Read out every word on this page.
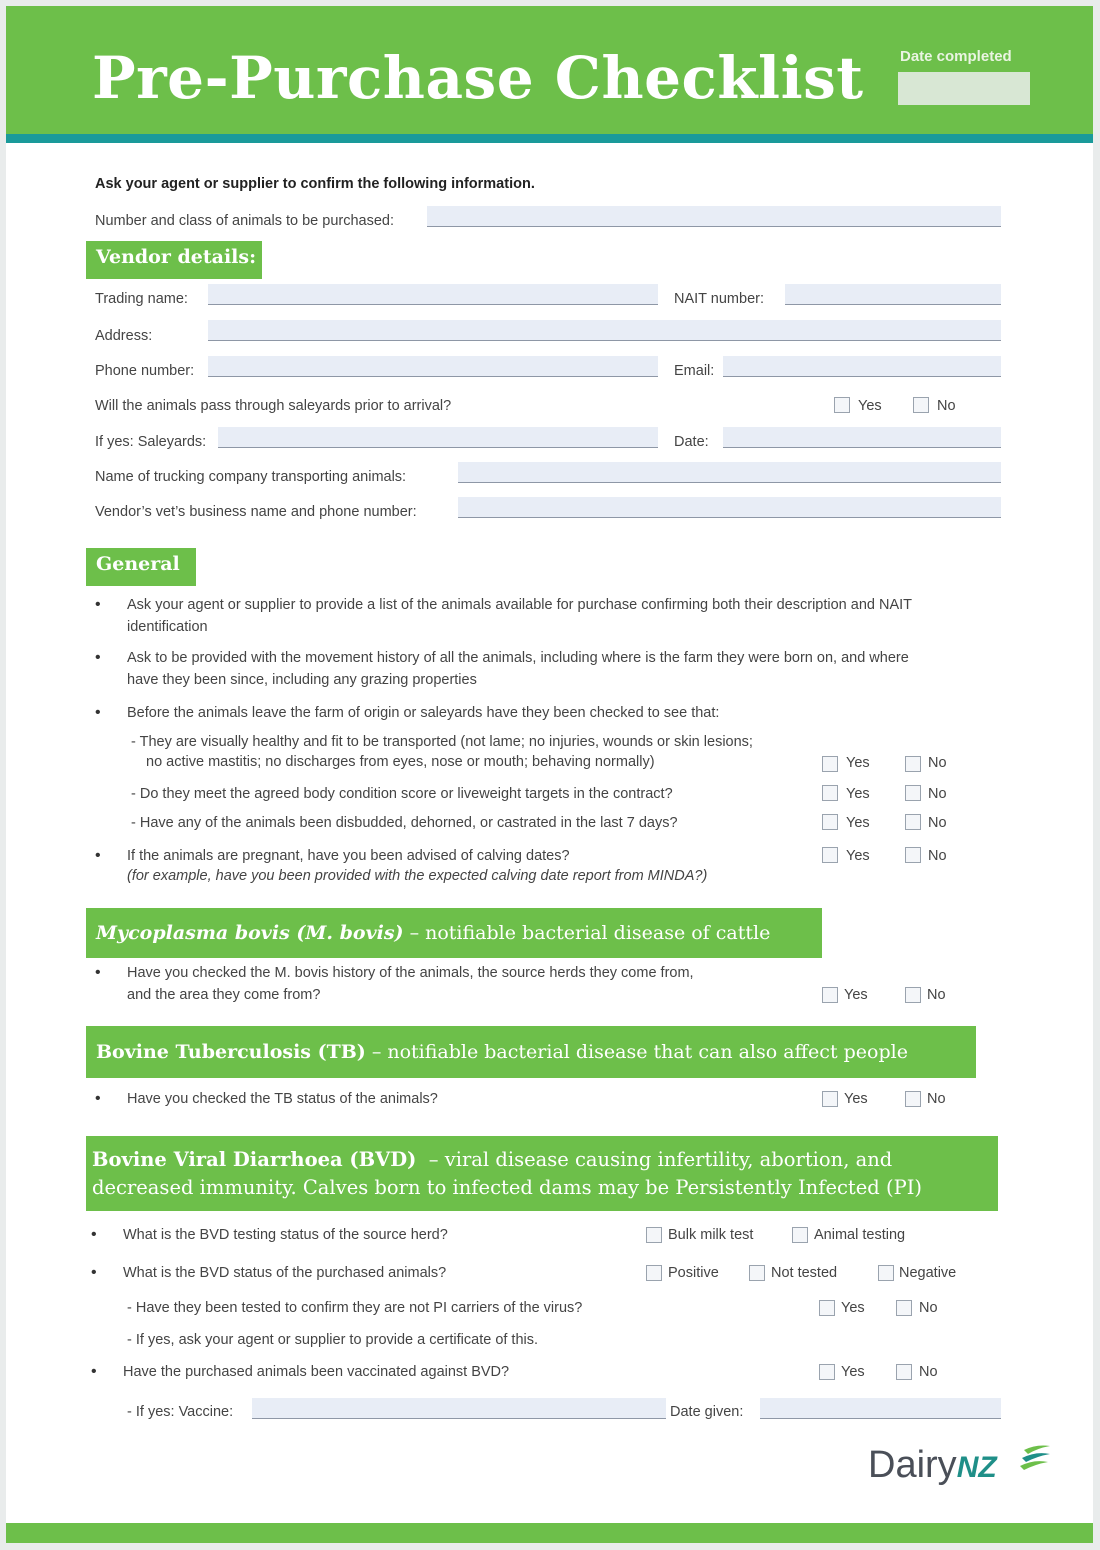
Pre-Purchase Checklist Date completed
Ask your agent or supplier to confirm the following information.
Number and class of animals to be purchased:
Vendor details:
Trading name:	NAIT number:
Address:
Phone number:	Email:
Will the animals pass through saleyards prior to arrival?	Yes	No
If yes: Saleyards:	Date:
Name of trucking company transporting animals:
Vendor’s vet’s business name and phone number:
General
• Ask your agent or supplier to provide a list of the animals available for purchase confirming both their description and NAIT
identification
• Ask to be provided with the movement history of all the animals, including where is the farm they were born on, and where
have they been since, including any grazing properties
• Before the animals leave the farm of origin or saleyards have they been checked to see that:
- They are visually healthy and fit to be transported (not lame; no injuries, wounds or skin lesions;
no active mastitis; no discharges from eyes, nose or mouth; behaving normally)	Yes	No
- Do they meet the agreed body condition score or liveweight targets in the contract?	Yes	No
- Have any of the animals been disbudded, dehorned, or castrated in the last 7 days?	Yes	No
• If the animals are pregnant, have you been advised of calving dates?
(for example, have you been provided with the expected calving date report from MINDA?)
Yes	No
Mycoplasma bovis (M. bovis) – notifiable bacterial disease of cattle
• Have you checked the M. bovis history of the animals, the source herds they come from,
and the area they come from?	Yes	No
Bovine Tuberculosis (TB) – notifiable bacterial disease that can also affect people
• Have you checked the TB status of the animals?	Yes	No
Bovine Viral Diarrhoea (BVD)  – viral disease causing infertility, abortion, and
decreased immunity. Calves born to infected dams may be Persistently Infected (PI)
• What is the BVD testing status of the source herd?	Bulk milk test	Animal testing
• What is the BVD status of the purchased animals?	Positive	Not tested	Negative
- Have they been tested to confirm they are not PI carriers of the virus?	Yes	No
- If yes, ask your agent or supplier to provide a certificate of this.
• Have the purchased animals been vaccinated against BVD?	Yes	No
- If yes: Vaccine:	Date given:
DairyNZ
